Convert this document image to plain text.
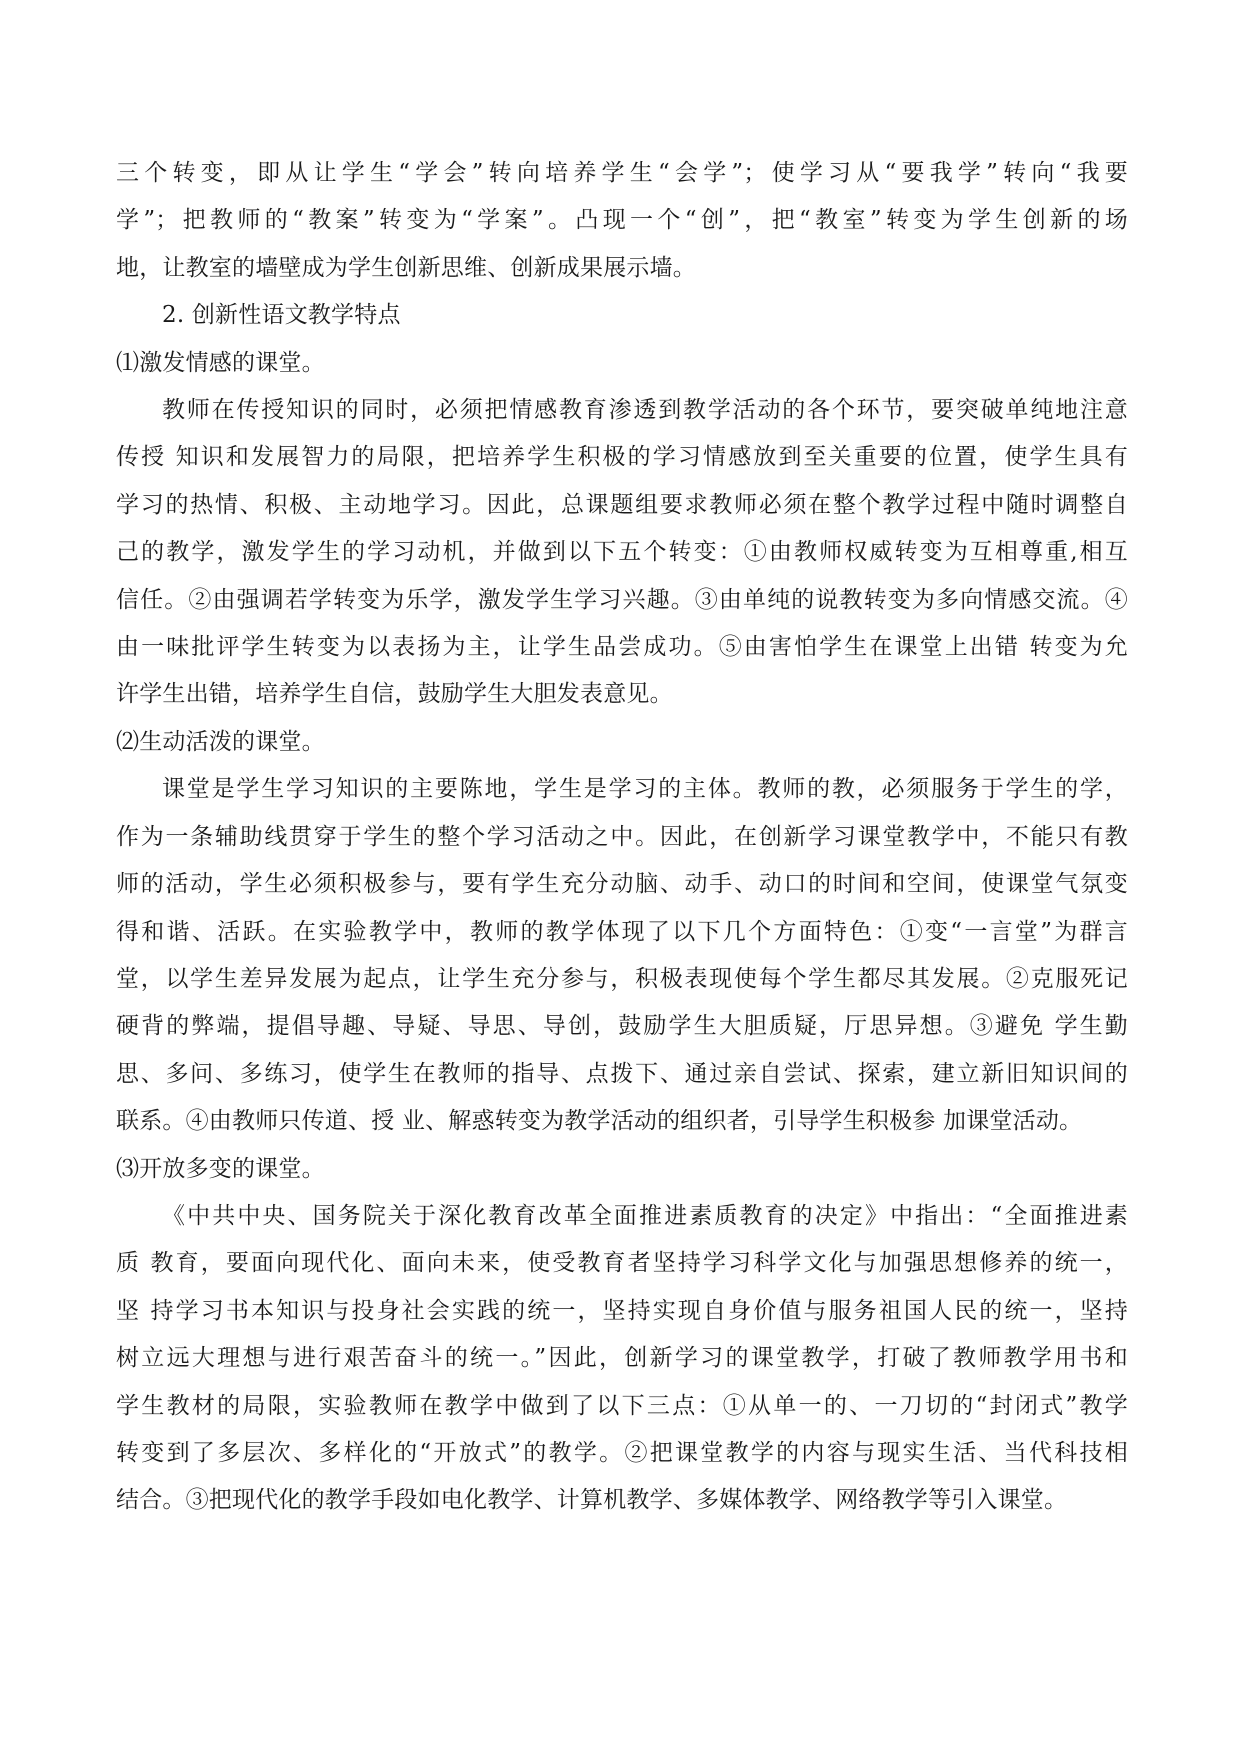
三个转变，即从让学生“学会”转向培养学生“会学”；使学习从“要我学”转向“我要
学”；把教师的“教案”转变为“学案”。凸现一个“创”，把“教室”转变为学生创新的场
地，让教室的墙壁成为学生创新思维、创新成果展示墙。

2. 创新性语文教学特点

⑴激发情感的课堂。

教师在传授知识的同时，必须把情感教育渗透到教学活动的各个环节，要突破单纯地注意
传授 知识和发展智力的局限，把培养学生积极的学习情感放到至关重要的位置，使学生具有
学习的热情、积极、主动地学习。因此，总课题组要求教师必须在整个教学过程中随时调整自
己的教学，激发学生的学习动机，并做到以下五个转变：①由教师权威转变为互相尊重,相互
信任。②由强调若学转变为乐学，激发学生学习兴趣。③由单纯的说教转变为多向情感交流。④
由一味批评学生转变为以表扬为主，让学生品尝成功。⑤由害怕学生在课堂上出错 转变为允
许学生出错，培养学生自信，鼓励学生大胆发表意见。

⑵生动活泼的课堂。

课堂是学生学习知识的主要陈地，学生是学习的主体。教师的教，必须服务于学生的学，
作为一条辅助线贯穿于学生的整个学习活动之中。因此，在创新学习课堂教学中，不能只有教
师的活动，学生必须积极参与，要有学生充分动脑、动手、动口的时间和空间，使课堂气氛变
得和谐、活跃。在实验教学中，教师的教学体现了以下几个方面特色：①变“一言堂”为群言
堂，以学生差异发展为起点，让学生充分参与，积极表现使每个学生都尽其发展。②克服死记
硬背的弊端，提倡导趣、导疑、导思、导创，鼓励学生大胆质疑，厅思异想。③避免 学生勤
思、多问、多练习，使学生在教师的指导、点拨下、通过亲自尝试、探索，建立新旧知识间的
联系。④由教师只传道、授 业、解惑转变为教学活动的组织者，引导学生积极参 加课堂活动。

⑶开放多变的课堂。

《中共中央、国务院关于深化教育改革全面推进素质教育的决定》中指出：“全面推进素
质 教育，要面向现代化、面向未来，使受教育者坚持学习科学文化与加强思想修养的统一，
坚 持学习书本知识与投身社会实践的统一，坚持实现自身价值与服务祖国人民的统一，坚持
树立远大理想与进行艰苦奋斗的统一。”因此，创新学习的课堂教学，打破了教师教学用书和
学生教材的局限，实验教师在教学中做到了以下三点：①从单一的、一刀切的“封闭式”教学
转变到了多层次、多样化的“开放式”的教学。②把课堂教学的内容与现实生活、当代科技相
结合。③把现代化的教学手段如电化教学、计算机教学、多媒体教学、网络教学等引入课堂。
